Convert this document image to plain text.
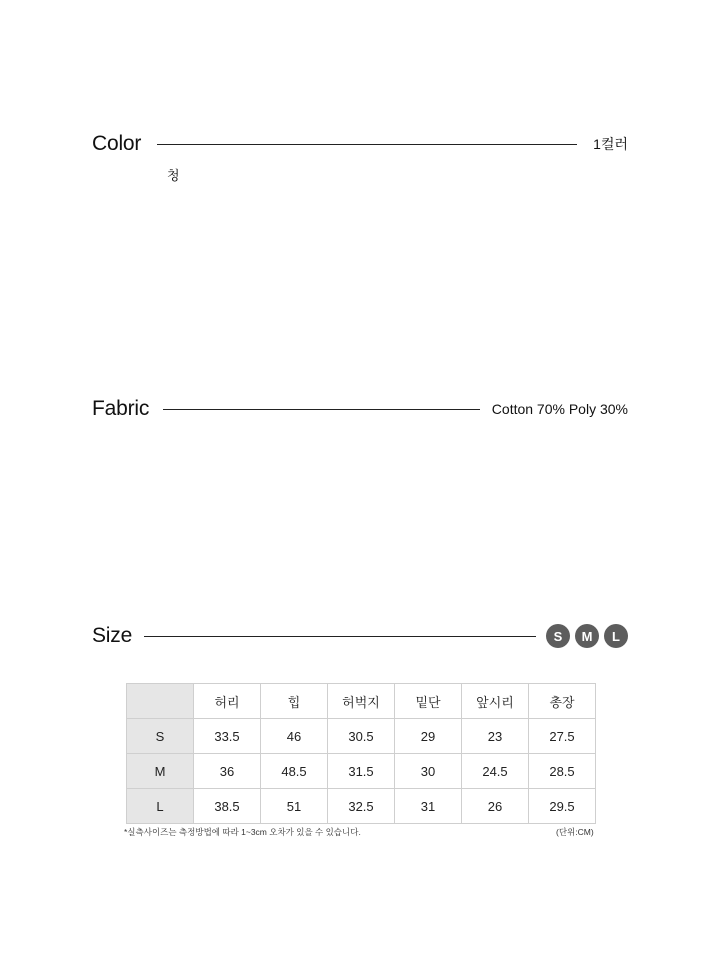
Color	1컬러
청
Fabric	Cotton 70% Poly 30%
Size	S	M	L
	허리	힙	허벅지	밑단	앞시리	총장
S	33.5	46	30.5	29	23	27.5
M	36	48.5	31.5	30	24.5	28.5
L	38.5	51	32.5	31	26	29.5
*실측사이즈는 측정방법에 따라 1~3cm 오차가 있을 수 있습니다.	(단위:CM)
